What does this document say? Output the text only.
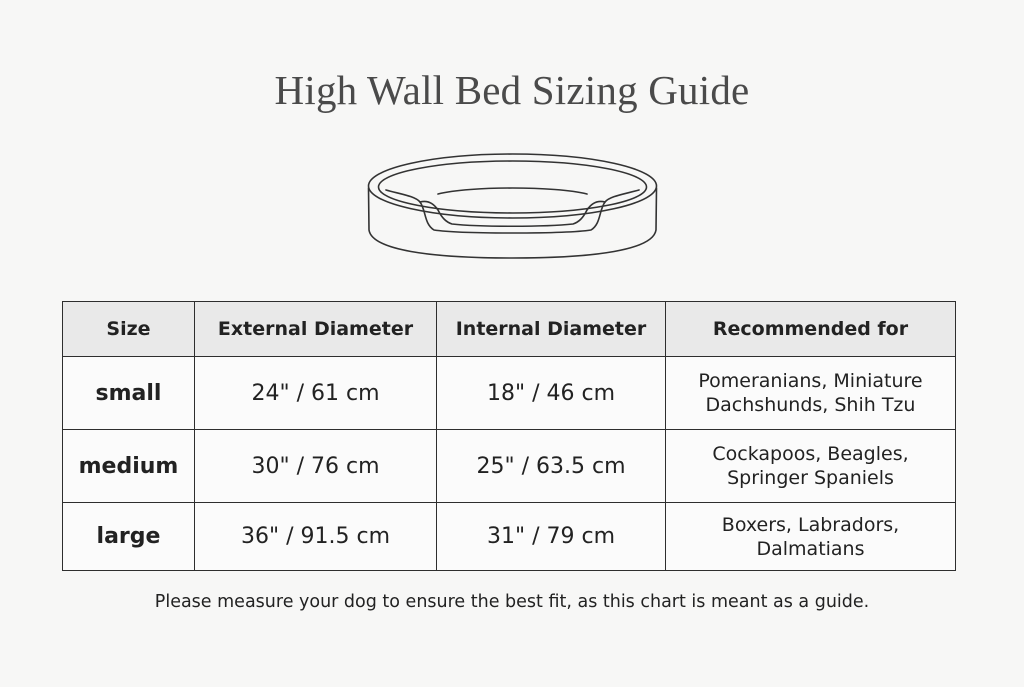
High Wall Bed Sizing Guide
Size	External Diameter	Internal Diameter	Recommended for
small	24" / 61 cm	18" / 46 cm	Pomeranians, Miniature
Dachshunds, Shih Tzu

medium	30" / 76 cm	25" / 63.5 cm	Cockapoos, Beagles,
Springer Spaniels

large	36" / 91.5 cm	31" / 79 cm	Boxers, Labradors,
Dalmatians
Please measure your dog to ensure the best fit, as this chart is meant as a guide.
